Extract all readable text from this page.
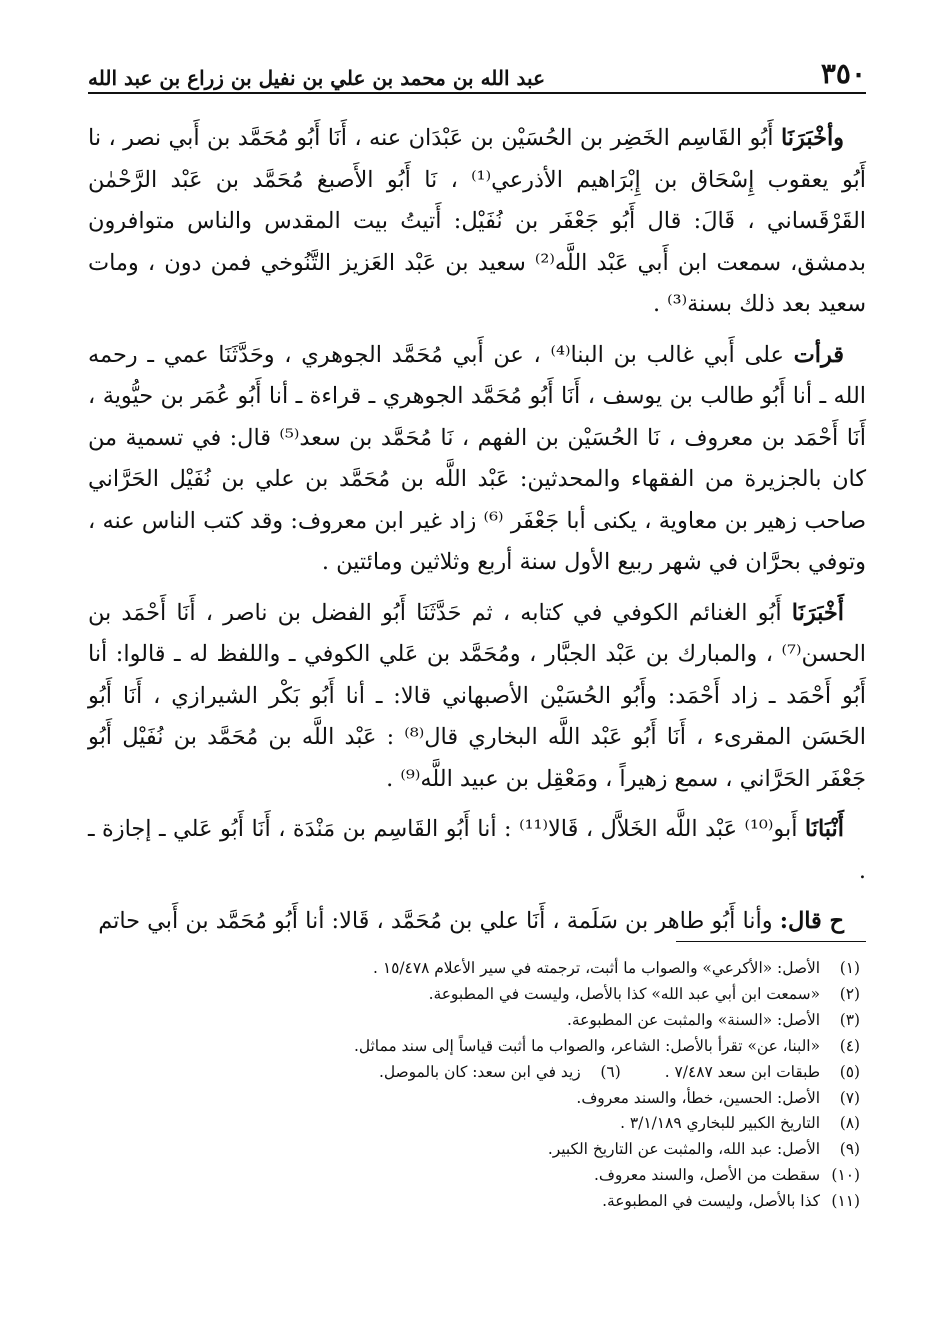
٣٥٠
عبد الله بن محمد بن علي بن نفيل بن زراع بن عبد الله

وأخْبَرَنَا أَبُو القَاسِم الخَضِر بن الحُسَيْن بن عَبْدَان عنه ، أَنَا أَبُو مُحَمَّد بن أَبي نصر ، نا أَبُو يعقوب إِسْحَاق بن إِبْرَاهيم الأذرعي⁽¹⁾ ، نَا أَبُو الأَصبغ مُحَمَّد بن عَبْد الرَّحْمٰن القَرْقَساني ، قَالَ: قال أَبُو جَعْفَر بن نُفَيْل: أَتيتُ بيت المقدس والناس متوافرون بدمشق، سمعت ابن أَبي عَبْد اللَّه⁽²⁾ سعيد بن عَبْد العَزيز التَّنُوخي فمن دون ، ومات سعيد بعد ذلك بسنة⁽³⁾ .

قرأت على أَبي غالب بن البنا⁽⁴⁾ ، عن أَبي مُحَمَّد الجوهري ، وحَدَّثَنَا عمي ـ رحمه الله ـ أنا أَبُو طالب بن يوسف ، أَنَا أَبُو مُحَمَّد الجوهري ـ قراءة ـ أنا أَبُو عُمَر بن حيُّوية ، أَنَا أَحْمَد بن معروف ، نَا الحُسَيْن بن الفهم ، نَا مُحَمَّد بن سعد⁽⁵⁾ قال: في تسمية من كان بالجزيرة من الفقهاء والمحدثين: عَبْد اللَّه بن مُحَمَّد بن علي بن نُفَيْل الحَرَّاني صاحب زهير بن معاوية ، يكنى أبا جَعْفَر ⁽⁶⁾ زاد غير ابن معروف: وقد كتب الناس عنه ، وتوفي بحرَّان في شهر ربيع الأول سنة أربع وثلاثين ومائتين .

أَخْبَرَنَا أَبُو الغنائم الكوفي في كتابه ، ثم حَدَّثَنَا أَبُو الفضل بن ناصر ، أَنَا أَحْمَد بن الحسن⁽⁷⁾ ، والمبارك بن عَبْد الجبَّار ، ومُحَمَّد بن عَلي الكوفي ـ واللفظ له ـ قالوا: أنا أَبُو أَحْمَد ـ زاد أَحْمَد: وأَبُو الحُسَيْن الأصبهاني قالا: ـ أنا أَبُو بَكْر الشيرازي ، أَنَا أَبُو الحَسَن المقرىء ، أَنَا أَبُو عَبْد اللَّه البخاري قال⁽⁸⁾ : عَبْد اللَّه بن مُحَمَّد بن نُفَيْل أَبُو جَعْفَر الحَرَّاني ، سمع زهيراً ، ومَعْقِل بن عبيد اللَّه⁽⁹⁾ .

أَنْبَانَا أَبو⁽¹⁰⁾ عَبْد اللَّه الخَلاَّل ، قَالا⁽¹¹⁾ : أنا أَبُو القَاسِم بن مَنْدَة ، أَنَا أَبُو عَلي ـ إجازة ـ .

ح قال: وأنا أَبُو طاهر بن سَلَمة ، أَنَا علي بن مُحَمَّد ، قَالا: أنا أَبُو مُحَمَّد بن أَبي حاتم

(١)
الأصل: «الأكرعي» والصواب ما أثبت، ترجمته في سير الأعلام ١٥/٤٧٨ .
(٢)
«سمعت ابن أبي عبد الله» كذا بالأصل، وليست في المطبوعة.
(٣)
الأصل: «السنة» والمثبت عن المطبوعة.
(٤)
«البنا، عن» تقرأ بالأصل: الشاعر، والصواب ما أثبت قياساً إلى سند مماثل.
(٥)
طبقات ابن سعد ٧/٤٨٧ .
(٦)
زيد في ابن سعد: كان بالموصل.
(٧)
الأصل: الحسين، خطأ، والسند معروف.
(٨)
التاريخ الكبير للبخاري ٣/١/١٨٩ .
(٩)
الأصل: عبد الله، والمثبت عن التاريخ الكبير.
(١٠)
سقطت من الأصل، والسند معروف.
(١١)
كذا بالأصل، وليست في المطبوعة.
